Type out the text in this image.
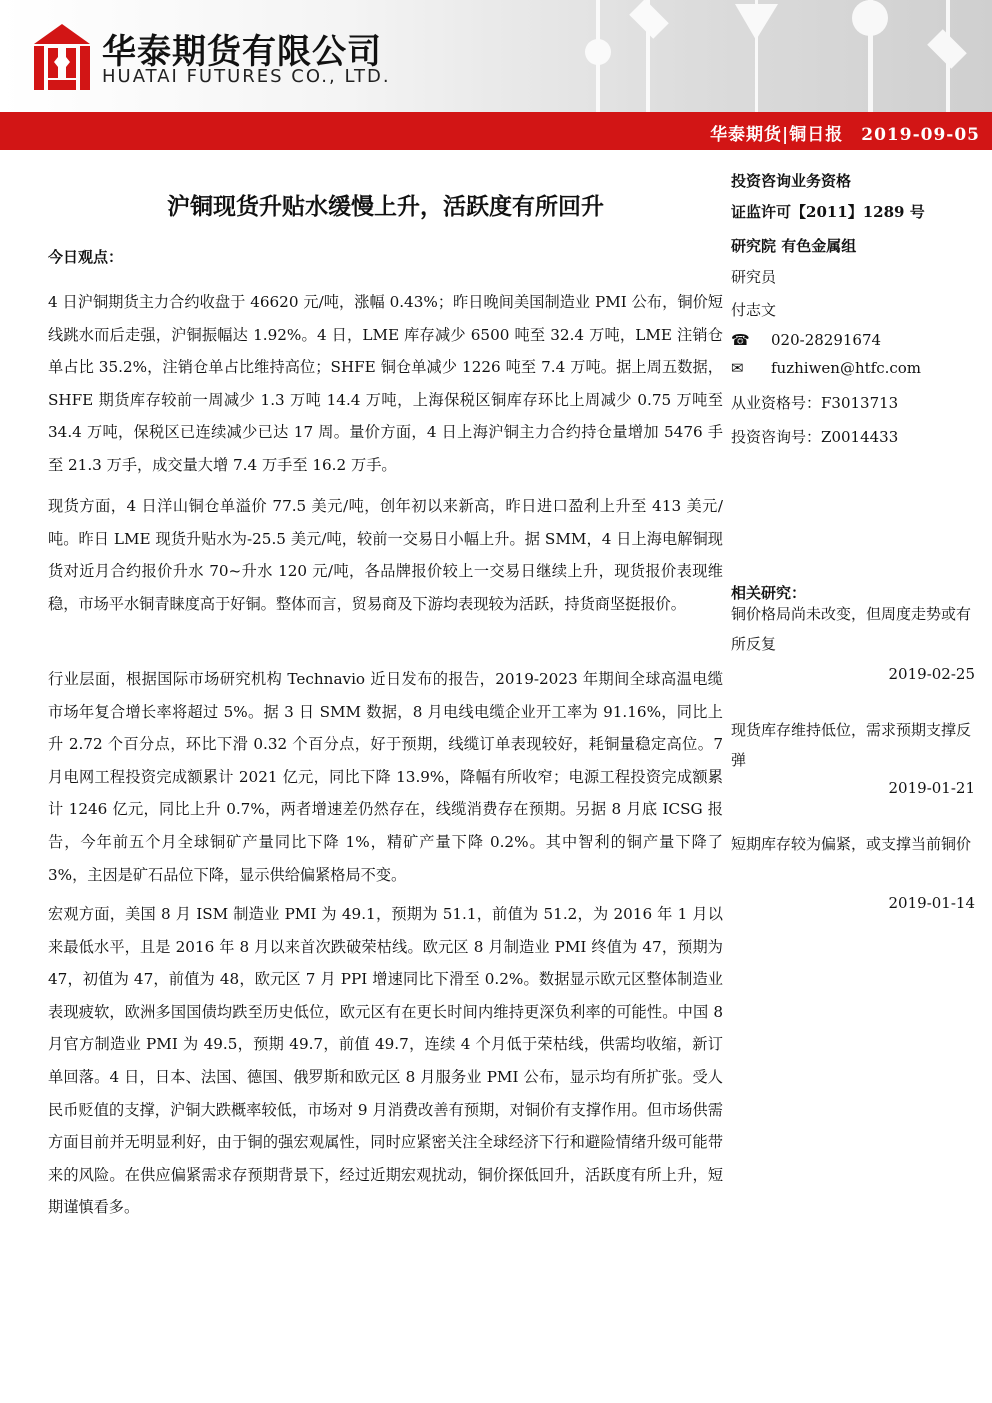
华泰期货有限公司
HUATAI FUTURES CO., LTD.
华泰期货|铜日报 2019-09-05
沪铜现货升贴水缓慢上升，活跃度有所回升
今日观点：

4 日沪铜期货主力合约收盘于 46620 元/吨，涨幅 0.43%；昨日晚间美国制造业 PMI 公布，铜价短线跳水而后走强，沪铜振幅达 1.92%。4 日，LME 库存减少 6500 吨至 32.4 万吨，LME 注销仓单占比 35.2%，注销仓单占比维持高位；SHFE 铜仓单减少 1226 吨至 7.4 万吨。据上周五数据，SHFE 期货库存较前一周减少 1.3 万吨 14.4 万吨，上海保税区铜库存环比上周减少 0.75 万吨至 34.4 万吨，保税区已连续减少已达 17 周。量价方面，4 日上海沪铜主力合约持仓量增加 5476 手至 21.3 万手，成交量大增 7.4 万手至 16.2 万手。

现货方面，4 日洋山铜仓单溢价 77.5 美元/吨，创年初以来新高，昨日进口盈利上升至 413 美元/吨。昨日 LME 现货升贴水为-25.5 美元/吨，较前一交易日小幅上升。据 SMM，4 日上海电解铜现货对近月合约报价升水 70~升水 120 元/吨，各品牌报价较上一交易日继续上升，现货报价表现维稳，市场平水铜青睐度高于好铜。整体而言，贸易商及下游均表现较为活跃，持货商坚挺报价。

行业层面，根据国际市场研究机构 Technavio 近日发布的报告，2019-2023 年期间全球高温电缆市场年复合增长率将超过 5%。据 3 日 SMM 数据，8 月电线电缆企业开工率为 91.16%，同比上升 2.72 个百分点，环比下滑 0.32 个百分点，好于预期，线缆订单表现较好，耗铜量稳定高位。7 月电网工程投资完成额累计 2021 亿元，同比下降 13.9%，降幅有所收窄；电源工程投资完成额累计 1246 亿元，同比上升 0.7%，两者增速差仍然存在，线缆消费存在预期。另据 8 月底 ICSG 报告，今年前五个月全球铜矿产量同比下降 1%，精矿产量下降 0.2%。其中智利的铜产量下降了 3%，主因是矿石品位下降，显示供给偏紧格局不变。

宏观方面，美国 8 月 ISM 制造业 PMI 为 49.1，预期为 51.1，前值为 51.2，为 2016 年 1 月以来最低水平，且是 2016 年 8 月以来首次跌破荣枯线。欧元区 8 月制造业 PMI 终值为 47，预期为 47，初值为 47，前值为 48，欧元区 7 月 PPI 增速同比下滑至 0.2%。数据显示欧元区整体制造业表现疲软，欧洲多国国债均跌至历史低位，欧元区有在更长时间内维持更深负利率的可能性。中国 8 月官方制造业 PMI 为 49.5，预期 49.7，前值 49.7，连续 4 个月低于荣枯线，供需均收缩，新订单回落。4 日，日本、法国、德国、俄罗斯和欧元区 8 月服务业 PMI 公布，显示均有所扩张。受人民币贬值的支撑，沪铜大跌概率较低，市场对 9 月消费改善有预期，对铜价有支撑作用。但市场供需方面目前并无明显利好，由于铜的强宏观属性，同时应紧密关注全球经济下行和避险情绪升级可能带来的风险。在供应偏紧需求存预期背景下，经过近期宏观扰动，铜价探低回升，活跃度有所上升，短期谨慎看多。

投资咨询业务资格
证监许可【2011】1289 号
研究院 有色金属组
研究员
付志文
☎ 020-28291674
✉ fuzhiwen@htfc.com
从业资格号：F3013713
投资咨询号：Z0014433
相关研究：

铜价格局尚未改变，但周度走势或有所反复

2019-02-25

现货库存维持低位，需求预期支撑反弹

2019-01-21

短期库存较为偏紧，或支撑当前铜价

2019-01-14
